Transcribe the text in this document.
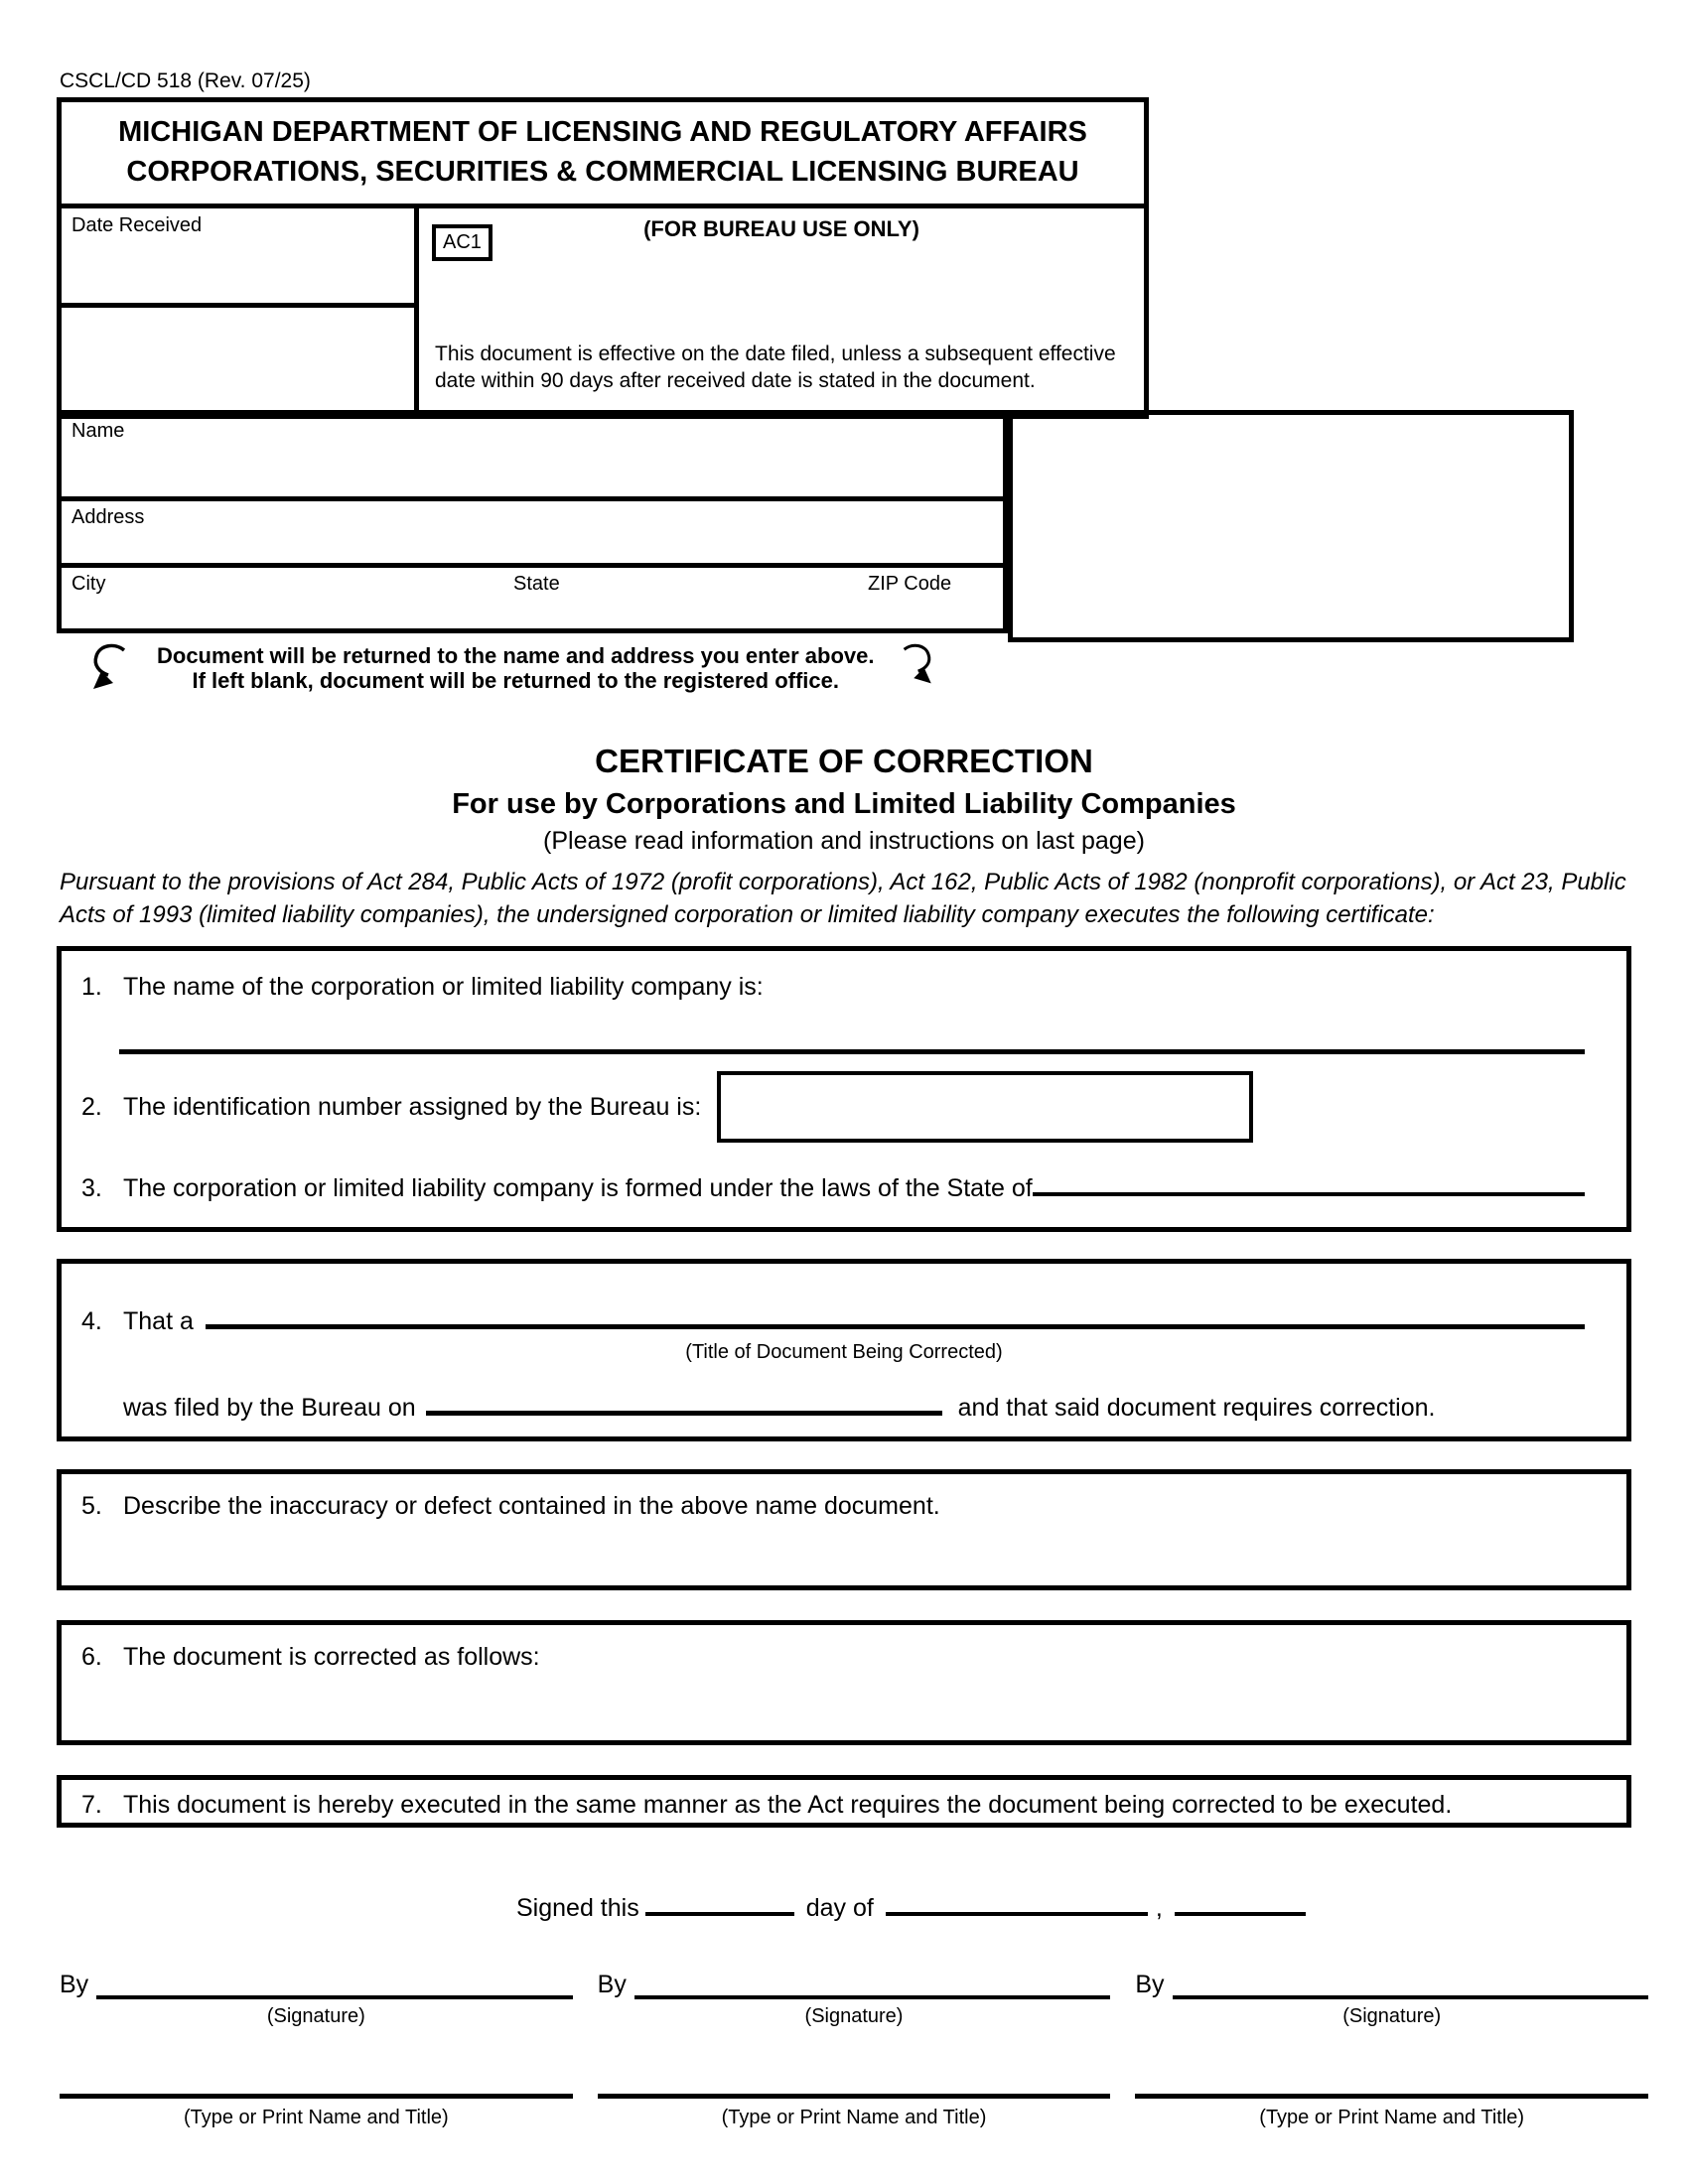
CSCL/CD 518 (Rev. 07/25)
MICHIGAN DEPARTMENT OF LICENSING AND REGULATORY AFFAIRS
CORPORATIONS, SECURITIES & COMMERCIAL LICENSING BUREAU
Date Received	(FOR BUREAU USE ONLY)
AC1
This document is effective on the date filed, unless a subsequent effective date within 90 days after received date is stated in the document.
Name
Address
City	State	ZIP Code
Document will be returned to the name and address you enter above.
If left blank, document will be returned to the registered office.
CERTIFICATE OF CORRECTION
For use by Corporations and Limited Liability Companies
(Please read information and instructions on last page)
Pursuant to the provisions of Act 284, Public Acts of 1972 (profit corporations), Act 162, Public Acts of 1982 (nonprofit corporations), or Act 23, Public Acts of 1993 (limited liability companies), the undersigned corporation or limited liability company executes the following certificate:
1. The name of the corporation or limited liability company is:
2. The identification number assigned by the Bureau is:
3. The corporation or limited liability company is formed under the laws of the State of
4. That a
(Title of Document Being Corrected)
was filed by the Bureau on	and that said document requires correction.
5. Describe the inaccuracy or defect contained in the above name document.
6. The document is corrected as follows:
7. This document is hereby executed in the same manner as the Act requires the document being corrected to be executed.
Signed this	day of	,
By
(Signature)
(Type or Print Name and Title)
By
(Signature)
(Type or Print Name and Title)
By
(Signature)
(Type or Print Name and Title)
